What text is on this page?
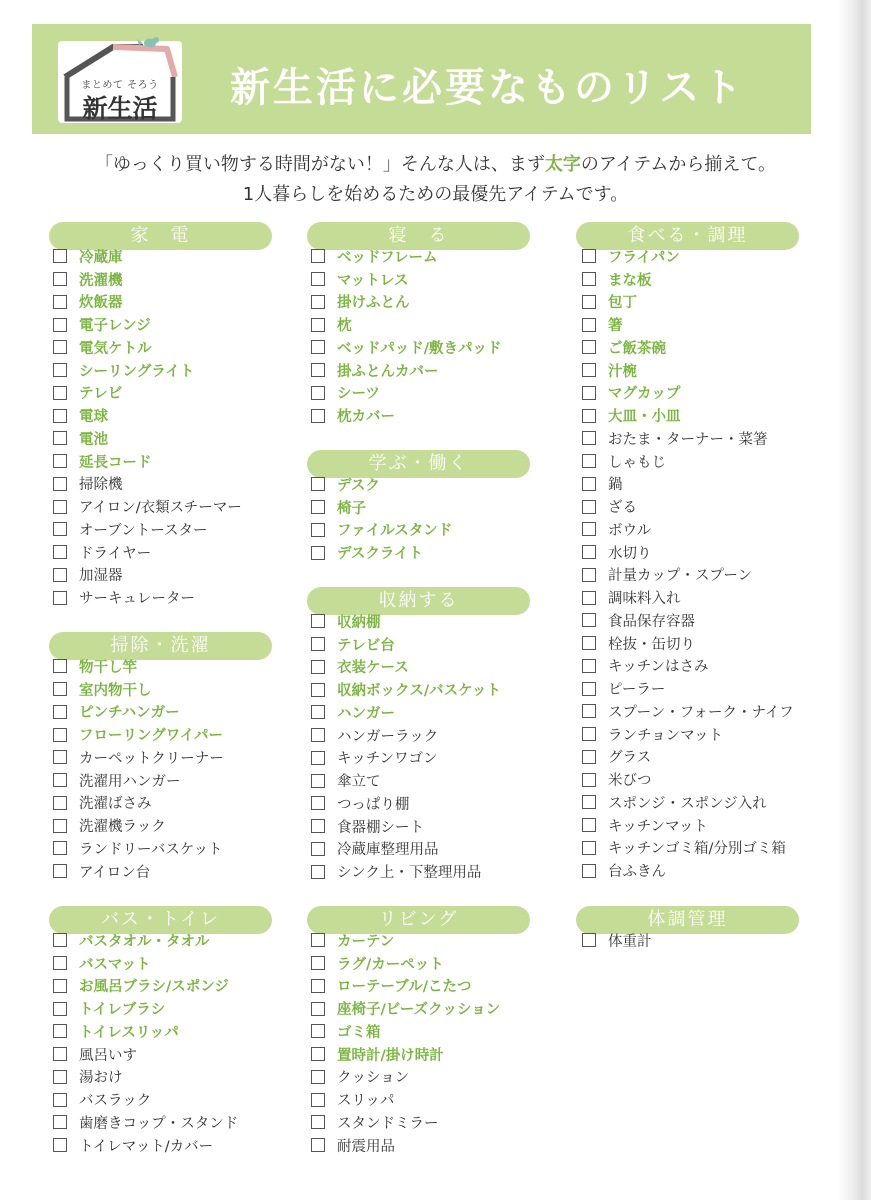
まとめて そろう
新生活	新生活に必要なものリスト
「ゆっくり買い物する時間がない！」そんな人は、まず太字のアイテムから揃えて。
1人暮らしを始めるための最優先アイテムです。
家　電
冷蔵庫
洗濯機
炊飯器
電子レンジ
電気ケトル
シーリングライト
テレビ
電球
電池
延長コード
掃除機
アイロン/衣類スチーマー
オーブントースター
ドライヤー
加湿器
サーキュレーター
掃除・洗濯
物干し竿
室内物干し
ピンチハンガー
フローリングワイパー
カーペットクリーナー
洗濯用ハンガー
洗濯ばさみ
洗濯機ラック
ランドリーバスケット
アイロン台
バス・トイレ
バスタオル・タオル
バスマット
お風呂ブラシ/スポンジ
トイレブラシ
トイレスリッパ
風呂いす
湯おけ
バスラック
歯磨きコップ・スタンド
トイレマット/カバー
寝　る
ベッドフレーム
マットレス
掛けふとん
枕
ベッドパッド/敷きパッド
掛ふとんカバー
シーツ
枕カバー
学ぶ・働く
デスク
椅子
ファイルスタンド
デスクライト
収納する
収納棚
テレビ台
衣装ケース
収納ボックス/バスケット
ハンガー
ハンガーラック
キッチンワゴン
傘立て
つっぱり棚
食器棚シート
冷蔵庫整理用品
シンク上・下整理用品
リビング
カーテン
ラグ/カーペット
ローテーブル/こたつ
座椅子/ビーズクッション
ゴミ箱
置時計/掛け時計
クッション
スリッパ
スタンドミラー
耐震用品
食べる・調理
フライパン
まな板
包丁
箸
ご飯茶碗
汁椀
マグカップ
大皿・小皿
おたま・ターナー・菜箸
しゃもじ
鍋
ざる
ボウル
水切り
計量カップ・スプーン
調味料入れ
食品保存容器
栓抜・缶切り
キッチンはさみ
ピーラー
スプーン・フォーク・ナイフ
ランチョンマット
グラス
米びつ
スポンジ・スポンジ入れ
キッチンマット
キッチンゴミ箱/分別ゴミ箱
台ふきん
体調管理
体重計
